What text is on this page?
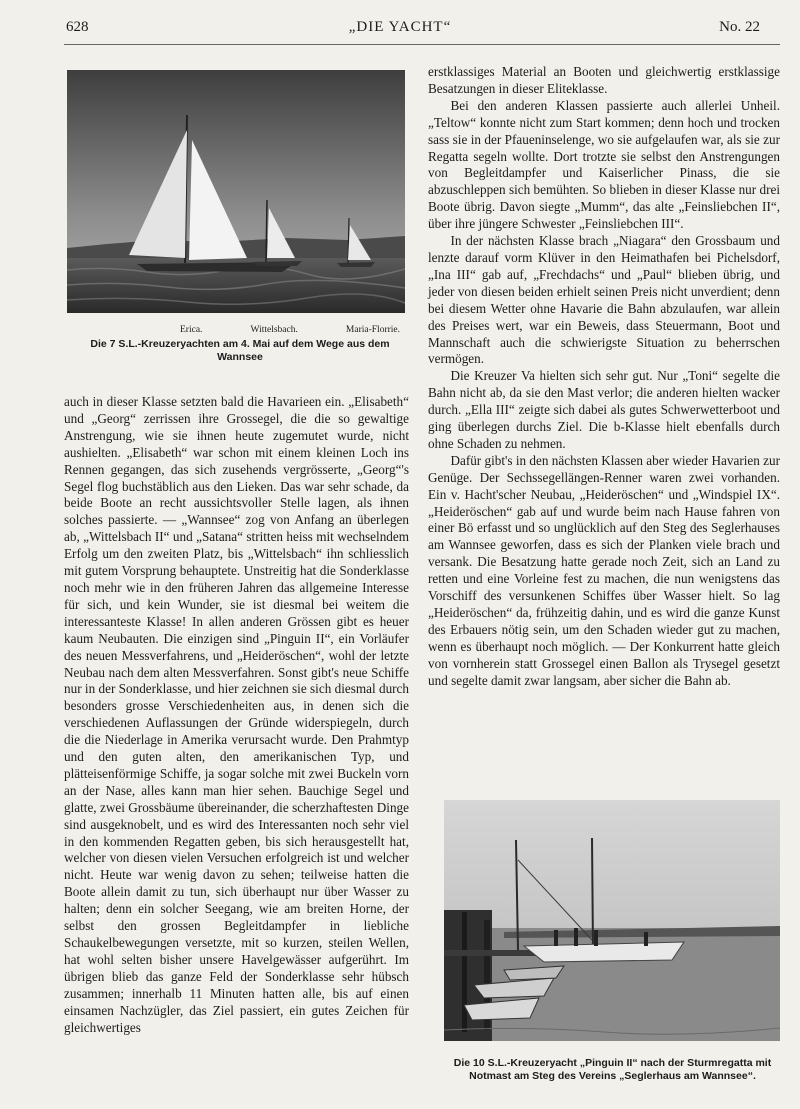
628	„DIE YACHT“	No. 22
Erica.	Wittelsbach.	Maria-Florrie.
Die 7 S.L.-Kreuzeryachten am 4. Mai auf dem Wege aus dem Wannsee

auch in dieser Klasse setzten bald die Havarieen ein. „Elisabeth“ und „Georg“ zerrissen ihre Grossegel, die die so gewaltige Anstrengung, wie sie ihnen heute zugemutet wurde, nicht aushielten. „Elisabeth“ war schon mit einem kleinen Loch ins Rennen gegangen, das sich zusehends vergrösserte, „Georg“'s Segel flog buchstäblich aus den Lieken. Das war sehr schade, da beide Boote an recht aussichtsvoller Stelle lagen, als ihnen solches passierte. — „Wannsee“ zog von Anfang an überlegen ab, „Wittelsbach II“ und „Satana“ stritten heiss mit wechselndem Erfolg um den zweiten Platz, bis „Wittelsbach“ ihn schliesslich mit gutem Vorsprung behauptete. Unstreitig hat die Sonderklasse noch mehr wie in den früheren Jahren das allgemeine Interesse für sich, und kein Wunder, sie ist diesmal bei weitem die interessanteste Klasse! In allen anderen Grössen gibt es heuer kaum Neubauten. Die einzigen sind „Pinguin II“, ein Vorläufer des neuen Messverfahrens, und „Heideröschen“, wohl der letzte Neubau nach dem alten Messverfahren. Sonst gibt's neue Schiffe nur in der Sonderklasse, und hier zeichnen sie sich diesmal durch besonders grosse Verschiedenheiten aus, in denen sich die verschiedenen Auflassungen der Gründe widerspiegeln, durch die die Niederlage in Amerika verursacht wurde. Den Prahmtyp und den guten alten, den amerikanischen Typ, und plätteisenförmige Schiffe, ja sogar solche mit zwei Buckeln vorn an der Nase, alles kann man hier sehen. Bauchige Segel und glatte, zwei Grossbäume übereinander, die scherzhaftesten Dinge sind ausgeknobelt, und es wird des Interessanten noch sehr viel in den kommenden Regatten geben, bis sich herausgestellt hat, welcher von diesen vielen Versuchen erfolgreich ist und welcher nicht. Heute war wenig davon zu sehen; teilweise hatten die Boote allein damit zu tun, sich überhaupt nur über Wasser zu halten; denn ein solcher Seegang, wie am breiten Horne, der selbst den grossen Begleitdampfer in liebliche Schaukelbewegungen versetzte, mit so kurzen, steilen Wellen, hat wohl selten bisher unsere Havelgewässer aufgerührt. Im übrigen blieb das ganze Feld der Sonderklasse sehr hübsch zusammen; innerhalb 11 Minuten hatten alle, bis auf einen einsamen Nachzügler, das Ziel passiert, ein gutes Zeichen für gleichwertiges

erstklassiges Material an Booten und gleichwertig erstklassige Besatzungen in dieser Eliteklasse.

Bei den anderen Klassen passierte auch allerlei Unheil. „Teltow“ konnte nicht zum Start kommen; denn hoch und trocken sass sie in der Pfaueninselenge, wo sie aufgelaufen war, als sie zur Regatta segeln wollte. Dort trotzte sie selbst den Anstrengungen von Begleitdampfer und Kaiserlicher Pinass, die sie abzuschleppen sich bemühten. So blieben in dieser Klasse nur drei Boote übrig. Davon siegte „Mumm“, das alte „Feinsliebchen II“, über ihre jüngere Schwester „Feinsliebchen III“.

In der nächsten Klasse brach „Niagara“ den Grossbaum und lenzte darauf vorm Klüver in den Heimathafen bei Pichelsdorf, „Ina III“ gab auf, „Frechdachs“ und „Paul“ blieben übrig, und jeder von diesen beiden erhielt seinen Preis nicht unverdient; denn bei diesem Wetter ohne Havarie die Bahn abzulaufen, war allein des Preises wert, war ein Beweis, dass Steuermann, Boot und Mannschaft auch die schwierigste Situation zu beherrschen vermögen.

Die Kreuzer Va hielten sich sehr gut. Nur „Toni“ segelte die Bahn nicht ab, da sie den Mast verlor; die anderen hielten wacker durch. „Ella III“ zeigte sich dabei als gutes Schwerwetterboot und ging überlegen durchs Ziel. Die b-Klasse hielt ebenfalls durch ohne Schaden zu nehmen.

Dafür gibt's in den nächsten Klassen aber wieder Havarien zur Genüge. Der Sechssegellängen-Renner waren zwei vorhanden. Ein v. Hacht'scher Neubau, „Heideröschen“ und „Windspiel IX“. „Heideröschen“ gab auf und wurde beim nach Hause fahren von einer Bö erfasst und so unglücklich auf den Steg des Seglerhauses am Wannsee geworfen, dass es sich der Planken viele brach und versank. Die Besatzung hatte gerade noch Zeit, sich an Land zu retten und eine Vorleine fest zu machen, die nun wenigstens das Vorschiff des versunkenen Schiffes über Wasser hielt. So lag „Heideröschen“ da, frühzeitig dahin, und es wird die ganze Kunst des Erbauers nötig sein, um den Schaden wieder gut zu machen, wenn es überhaupt noch möglich. — Der Konkurrent hatte gleich von vornherein statt Grossegel einen Ballon als Trysegel gesetzt und segelte damit zwar langsam, aber sicher die Bahn ab.

Die 10 S.L.-Kreuzeryacht „Pinguin II“ nach der Sturmregatta mit Notmast am Steg des Vereins „Seglerhaus am Wannsee“.
